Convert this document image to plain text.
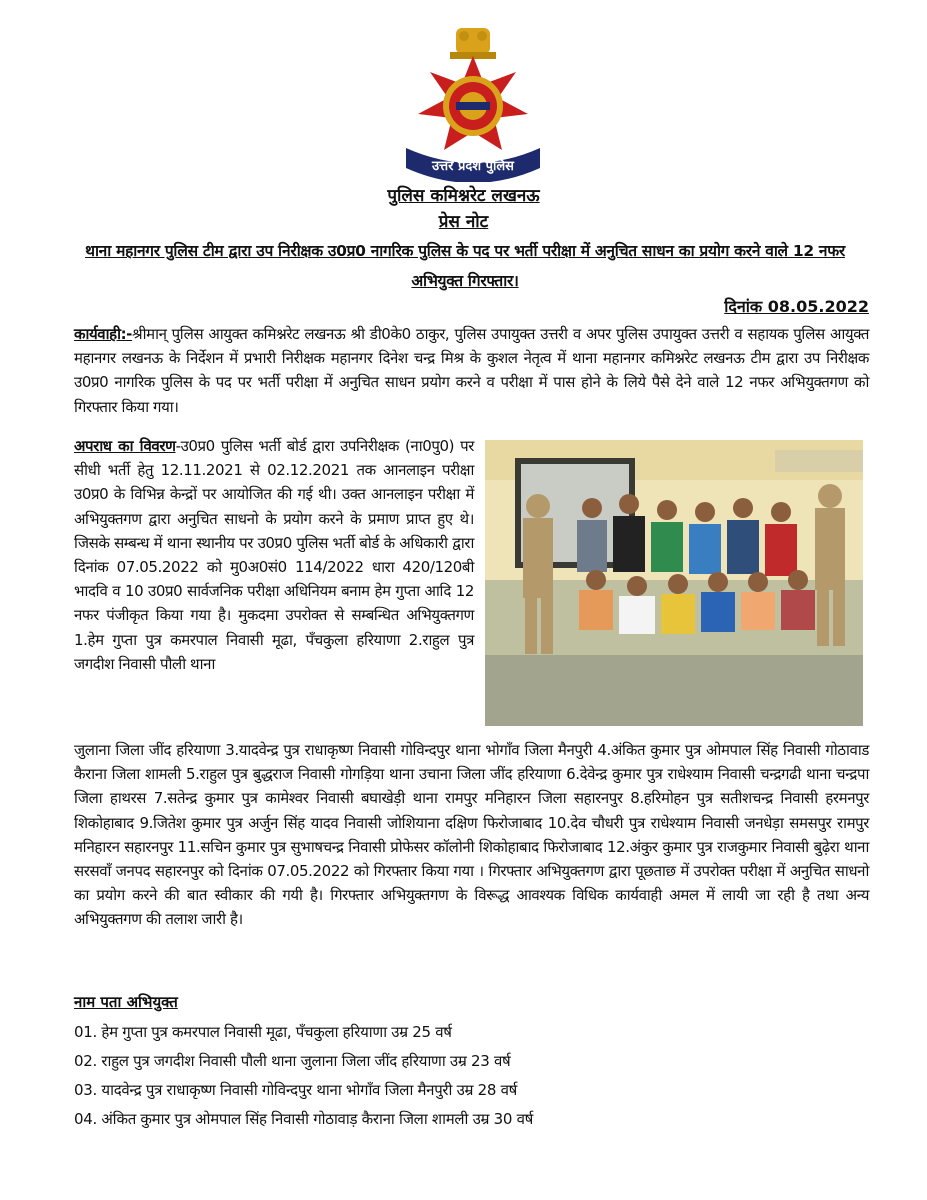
उत्तर प्रदेश पुलिस
पुलिस कमिश्नरेट लखनऊ
प्रेस नोट
थाना महानगर पुलिस टीम द्वारा उप निरीक्षक उ0प्र0 नागरिक पुलिस के पद पर भर्ती परीक्षा में अनुचित साधन का प्रयोग करने वाले 12 नफर अभियुक्त गिरफ्तार।
दिनांक 08.05.2022
कार्यवाही:-श्रीमान् पुलिस आयुक्त कमिश्नरेट लखनऊ श्री डी0के0 ठाकुर, पुलिस उपायुक्त उत्तरी व अपर पुलिस उपायुक्त उत्तरी व सहायक पुलिस आयुक्त महानगर लखनऊ के निर्देशन में प्रभारी निरीक्षक महानगर दिनेश चन्द्र मिश्र के कुशल नेतृत्व में थाना महानगर कमिश्नरेट लखनऊ टीम द्वारा उप निरीक्षक उ0प्र0 नागरिक पुलिस के पद पर भर्ती परीक्षा में अनुचित साधन प्रयोग करने व परीक्षा में पास होने के लिये पैसे देने वाले 12 नफर अभियुक्तगण को गिरफ्तार किया गया।
अपराध का विवरण-उ0प्र0 पुलिस भर्ती बोर्ड द्वारा उपनिरीक्षक (ना0पु0) पर सीधी भर्ती हेतु 12.11.2021 से 02.12.2021 तक आनलाइन परीक्षा उ0प्र0 के विभिन्न केन्द्रों पर आयोजित की गई थी। उक्त आनलाइन परीक्षा में अभियुक्तगण द्वारा अनुचित साधनो के प्रयोग करने के प्रमाण प्राप्त हुए थे। जिसके सम्बन्ध में थाना स्थानीय पर उ0प्र0 पुलिस भर्ती बोर्ड के अधिकारी द्वारा दिनांक 07.05.2022 को मु0अ0सं0 114/2022 धारा 420/120बी भादवि व 10 उ0प्र0 सार्वजनिक परीक्षा अधिनियम बनाम हेम गुप्ता आदि 12 नफर पंजीकृत किया गया है। मुकदमा उपरोक्त से सम्बन्धित अभियुक्तगण 1.हेम गुप्ता पुत्र कमरपाल निवासी मूढा, पँचकुला हरियाणा 2.राहुल पुत्र जगदीश निवासी पौली थाना
जुलाना जिला जींद हरियाणा 3.यादवेन्द्र पुत्र राधाकृष्ण निवासी गोविन्दपुर थाना भोगाँव जिला मैनपुरी 4.अंकित कुमार पुत्र ओमपाल सिंह निवासी गोठावाड कैराना जिला शामली 5.राहुल पुत्र बुद्धराज निवासी गोगड़िया थाना उचाना जिला जींद हरियाणा 6.देवेन्द्र कुमार पुत्र राधेश्याम निवासी चन्द्रगढी थाना चन्द्रपा जिला हाथरस 7.सतेन्द्र कुमार पुत्र कामेश्वर निवासी बघाखेड़ी थाना रामपुर मनिहारन जिला सहारनपुर 8.हरिमोहन पुत्र सतीशचन्द्र निवासी हरमनपुर शिकोहाबाद 9.जितेश कुमार पुत्र अर्जुन सिंह यादव निवासी जोशियाना दक्षिण फिरोजाबाद 10.देव चौधरी पुत्र राधेश्याम निवासी जनधेड़ा समसपुर रामपुर मनिहारन सहारनपुर 11.सचिन कुमार पुत्र सुभाषचन्द्र निवासी प्रोफेसर कॉलोनी शिकोहाबाद फिरोजाबाद 12.अंकुर कुमार पुत्र राजकुमार निवासी बुढ़ेरा थाना सरसवाँ जनपद सहारनपुर को दिनांक 07.05.2022 को गिरफ्तार किया गया । गिरफ्तार अभियुक्तगण द्वारा पूछताछ में उपरोक्त परीक्षा में अनुचित साधनो का प्रयोग करने की बात स्वीकार की गयी है। गिरफ्तार अभियुक्तगण के विरूद्ध आवश्यक विधिक कार्यवाही अमल में लायी जा रही है तथा अन्य अभियुक्तगण की तलाश जारी है।
नाम पता अभियुक्त
01. हेम गुप्ता पुत्र कमरपाल निवासी मूढा, पँचकुला हरियाणा उम्र 25 वर्ष
02. राहुल पुत्र जगदीश निवासी पौली थाना जुलाना जिला जींद हरियाणा उम्र 23 वर्ष
03. यादवेन्द्र पुत्र राधाकृष्ण निवासी गोविन्दपुर थाना भोगाँव जिला मैनपुरी उम्र 28 वर्ष
04. अंकित कुमार पुत्र ओमपाल सिंह निवासी गोठावाड़ कैराना जिला शामली उम्र 30 वर्ष
